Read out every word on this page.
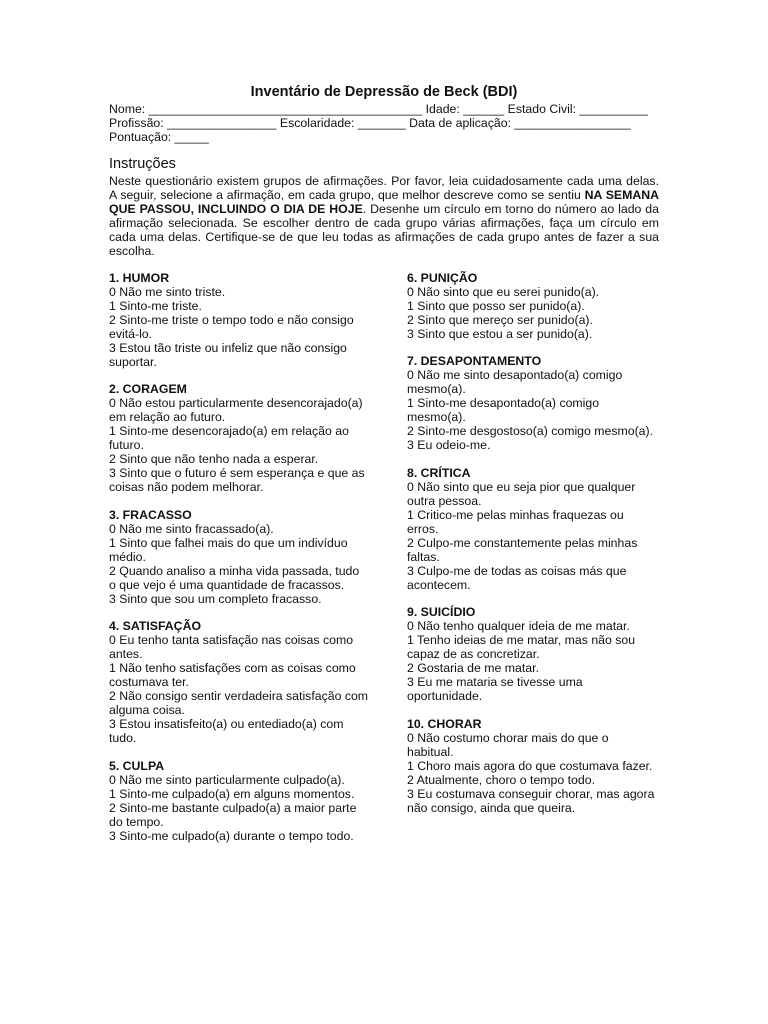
Inventário de Depressão de Beck (BDI)

Nome: ________________________________________ Idade: ______ Estado Civil: __________

Profissão: ________________ Escolaridade: _______ Data de aplicação: _________________

Pontuação: _____

Instruções

Neste questionário existem grupos de afirmações. Por favor, leia cuidadosamente cada uma delas. A seguir, selecione a afirmação, em cada grupo, que melhor descreve como se sentiu NA SEMANA QUE PASSOU, INCLUINDO O DIA DE HOJE. Desenhe um círculo em torno do número ao lado da afirmação selecionada. Se escolher dentro de cada grupo várias afirmações, faça um círculo em cada uma delas. Certifique-se de que leu todas as afirmações de cada grupo antes de fazer a sua escolha.

1. HUMOR

0 Não me sinto triste.

1 Sinto-me triste.

2 Sinto-me triste o tempo todo e não consigo evitá-lo.

3 Estou tão triste ou infeliz que não consigo suportar.

2. CORAGEM

0 Não estou particularmente desencorajado(a) em relação ao futuro.

1 Sinto-me desencorajado(a) em relação ao futuro.

2 Sinto que não tenho nada a esperar.

3 Sinto que o futuro é sem esperança e que as coisas não podem melhorar.

3. FRACASSO

0 Não me sinto fracassado(a).

1 Sinto que falhei mais do que um indivíduo médio.

2 Quando analiso a minha vida passada, tudo o que vejo é uma quantidade de fracassos.

3 Sinto que sou um completo fracasso.

4. SATISFAÇÃO

0 Eu tenho tanta satisfação nas coisas como antes.

1 Não tenho satisfações com as coisas como costumava ter.

2 Não consigo sentir verdadeira satisfação com alguma coisa.

3 Estou insatisfeito(a) ou entediado(a) com tudo.

5. CULPA

0 Não me sinto particularmente culpado(a).

1 Sinto-me culpado(a) em alguns momentos.

2 Sinto-me bastante culpado(a) a maior parte do tempo.

3 Sinto-me culpado(a) durante o tempo todo.

6. PUNIÇÃO

0 Não sinto que eu serei punido(a).

1 Sinto que posso ser punido(a).

2 Sinto que mereço ser punido(a).

3 Sinto que estou a ser punido(a).

7. DESAPONTAMENTO

0 Não me sinto desapontado(a) comigo mesmo(a).

1 Sinto-me desapontado(a) comigo mesmo(a).

2 Sinto-me desgostoso(a) comigo mesmo(a).

3 Eu odeio-me.

8. CRÍTICA

0 Não sinto que eu seja pior que qualquer outra pessoa.

1 Critico-me pelas minhas fraquezas ou erros.

2 Culpo-me constantemente pelas minhas faltas.

3 Culpo-me de todas as coisas más que acontecem.

9. SUICÍDIO

0 Não tenho qualquer ideia de me matar.

1 Tenho ideias de me matar, mas não sou capaz de as concretizar.

2 Gostaria de me matar.

3 Eu me mataria se tivesse uma oportunidade.

10. CHORAR

0 Não costumo chorar mais do que o habitual.

1 Choro mais agora do que costumava fazer.

2 Atualmente, choro o tempo todo.

3 Eu costumava conseguir chorar, mas agora não consigo, ainda que queira.
